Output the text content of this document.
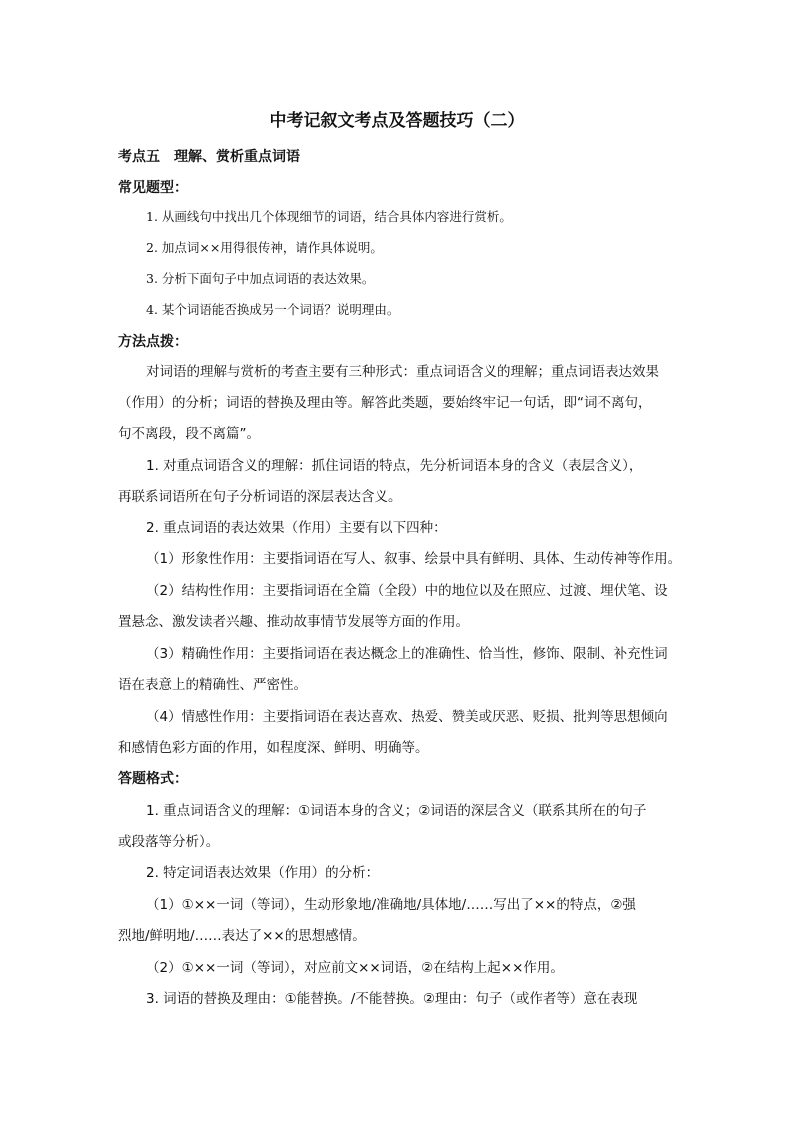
中考记叙文考点及答题技巧（二）
考点五　理解、赏析重点词语
常见题型：
1. 从画线句中找出几个体现细节的词语，结合具体内容进行赏析。
2. 加点词××用得很传神，请作具体说明。
3. 分析下面句子中加点词语的表达效果。
4. 某个词语能否换成另一个词语？说明理由。
方法点拨：
对词语的理解与赏析的考查主要有三种形式：重点词语含义的理解；重点词语表达效果
（作用）的分析；词语的替换及理由等。解答此类题，要始终牢记一句话，即“词不离句，
句不离段，段不离篇”。
1. 对重点词语含义的理解：抓住词语的特点，先分析词语本身的含义（表层含义），
再联系词语所在句子分析词语的深层表达含义。
2. 重点词语的表达效果（作用）主要有以下四种：
（1）形象性作用：主要指词语在写人、叙事、绘景中具有鲜明、具体、生动传神等作用。
（2）结构性作用：主要指词语在全篇（全段）中的地位以及在照应、过渡、埋伏笔、设
置悬念、激发读者兴趣、推动故事情节发展等方面的作用。
（3）精确性作用：主要指词语在表达概念上的准确性、恰当性，修饰、限制、补充性词
语在表意上的精确性、严密性。
（4）情感性作用：主要指词语在表达喜欢、热爱、赞美或厌恶、贬损、批判等思想倾向
和感情色彩方面的作用，如程度深、鲜明、明确等。
答题格式：
1. 重点词语含义的理解：①词语本身的含义；②词语的深层含义（联系其所在的句子
或段落等分析）。
2. 特定词语表达效果（作用）的分析：
（1）①××一词（等词），生动形象地/准确地/具体地/……写出了××的特点，②强
烈地/鲜明地/……表达了××的思想感情。
（2）①××一词（等词），对应前文××词语，②在结构上起××作用。
3. 词语的替换及理由：①能替换。/不能替换。②理由：句子（或作者等）意在表现
